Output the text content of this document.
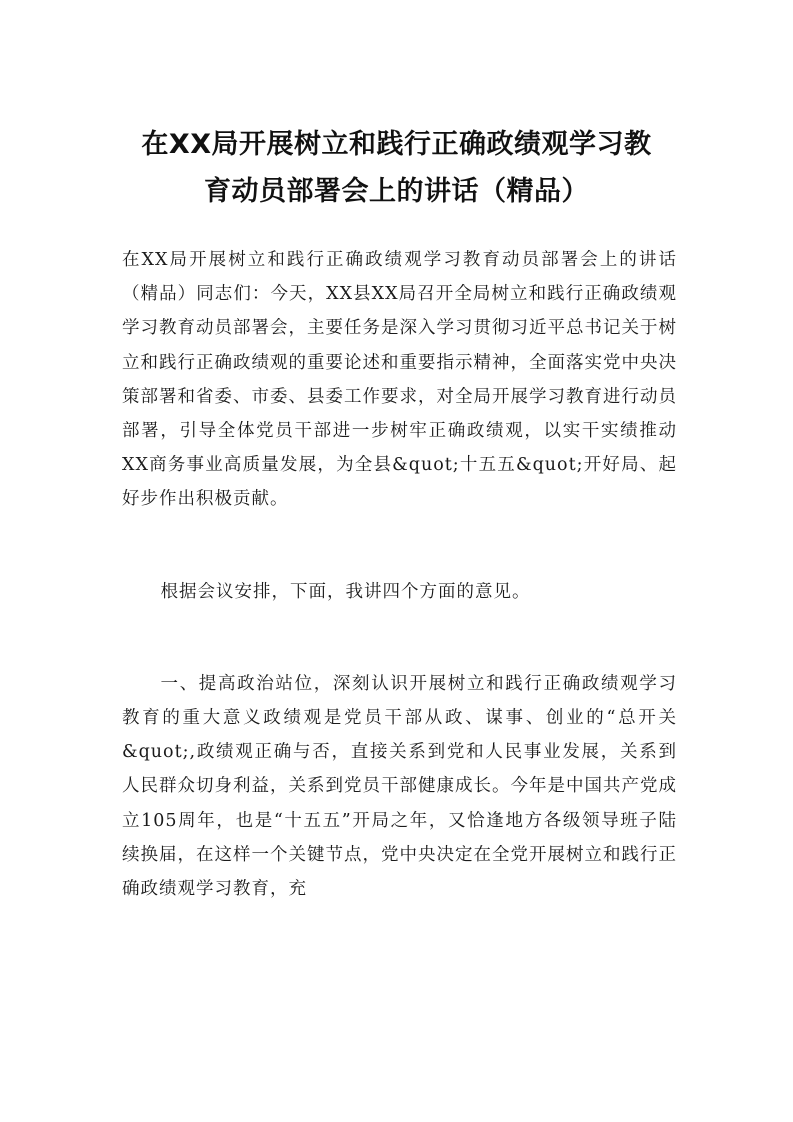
在XX局开展树立和践行正确政绩观学习教
育动员部署会上的讲话（精品）

在XX局开展树立和践行正确政绩观学习教育动员部署会上的讲话（精品）同志们：今天，XX县XX局召开全局树立和践行正确政绩观学习教育动员部署会，主要任务是深入学习贯彻习近平总书记关于树立和践行正确政绩观的重要论述和重要指示精神，全面落实党中央决策部署和省委、市委、县委工作要求，对全局开展学习教育进行动员部署，引导全体党员干部进一步树牢正确政绩观，以实干实绩推动XX商务事业高质量发展，为全县&quot;十五五&quot;开好局、起好步作出积极贡献。

根据会议安排，下面，我讲四个方面的意见。

一、提高政治站位，深刻认识开展树立和践行正确政绩观学习教育的重大意义政绩观是党员干部从政、谋事、创业的“总开关&quot;,政绩观正确与否，直接关系到党和人民事业发展，关系到人民群众切身利益，关系到党员干部健康成长。今年是中国共产党成立105周年，也是“十五五”开局之年，又恰逢地方各级领导班子陆续换届，在这样一个关键节点，党中央决定在全党开展树立和践行正确政绩观学习教育，充
